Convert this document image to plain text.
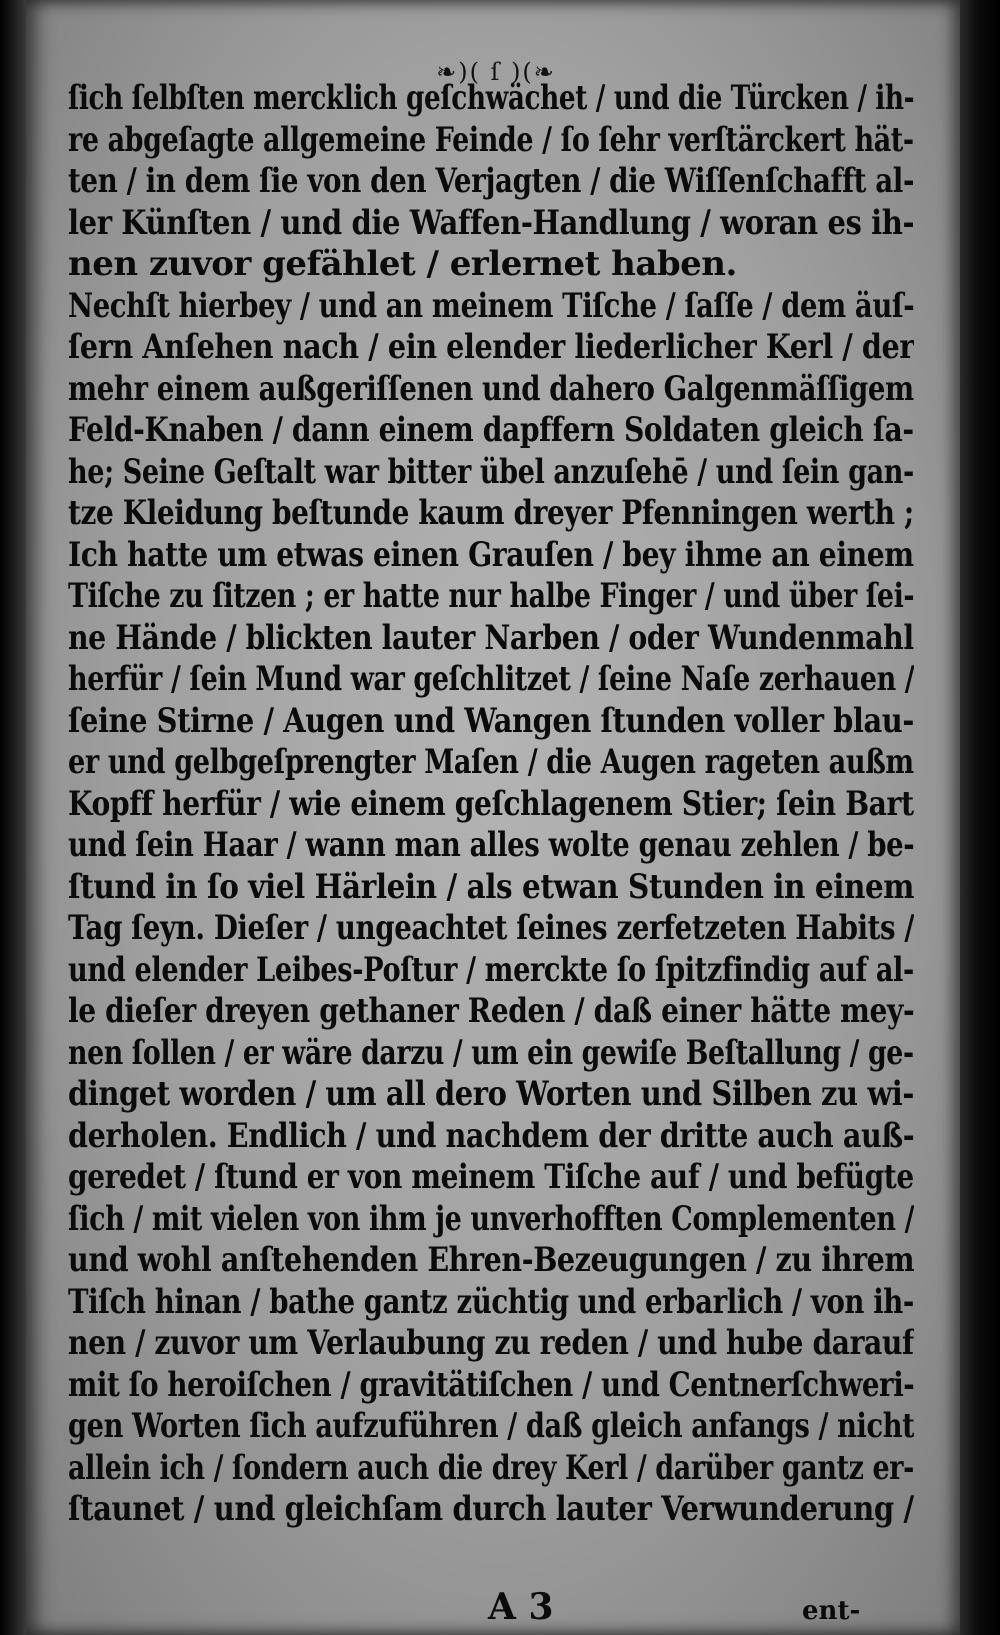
❧)( ſ )(❧
ſich ſelbſten mercklich geſchwächet / und die Türcken / ih-
re abgeſagte allgemeine Feinde / ſo ſehr verſtärckert hät-
ten / in dem ſie von den Verjagten / die Wiſſenſchafft al-
ler Künſten / und die Waffen-Handlung / woran es ih-
nen zuvor gefählet / erlernet haben.
Nechſt hierbey / und an meinem Tiſche / ſaſſe / dem äuſ-
ſern Anſehen nach / ein elender liederlicher Kerl / der
mehr einem außgeriſſenen und dahero Galgenmäſſigem
Feld-Knaben / dann einem dapffern Soldaten gleich ſa-
he; Seine Geſtalt war bitter übel anzuſehē / und ſein gan-
tze Kleidung beſtunde kaum dreyer Pfenningen werth ;
Ich hatte um etwas einen Grauſen / bey ihme an einem
Tiſche zu ſitzen ; er hatte nur halbe Finger / und über ſei-
ne Hände / blickten lauter Narben / oder Wundenmahl
herfür / ſein Mund war geſchlitzet / ſeine Naſe zerhauen /
ſeine Stirne / Augen und Wangen ſtunden voller blau-
er und gelbgeſprengter Maſen / die Augen rageten außm
Kopff herfür / wie einem geſchlagenem Stier; ſein Bart
und ſein Haar / wann man alles wolte genau zehlen / be-
ſtund in ſo viel Härlein / als etwan Stunden in einem
Tag ſeyn. Dieſer / ungeachtet ſeines zerfetzeten Habits /
und elender Leibes-Poſtur / merckte ſo ſpitzfindig auf al-
le dieſer dreyen gethaner Reden / daß einer hätte mey-
nen ſollen / er wäre darzu / um ein gewiſe Beſtallung / ge-
dinget worden / um all dero Worten und Silben zu wi-
derholen. Endlich / und nachdem der dritte auch auß-
geredet / ſtund er von meinem Tiſche auf / und befügte
ſich / mit vielen von ihm je unverhofften Complementen /
und wohl anſtehenden Ehren-Bezeugungen / zu ihrem
Tiſch hinan / bathe gantz züchtig und erbarlich / von ih-
nen / zuvor um Verlaubung zu reden / und hube darauf
mit ſo heroiſchen / gravitätiſchen / und Centnerſchweri-
gen Worten ſich aufzuführen / daß gleich anfangs / nicht
allein ich / ſondern auch die drey Kerl / darüber gantz er-
ſtaunet / und gleichſam durch lauter Verwunderung /
A 3	ent-
